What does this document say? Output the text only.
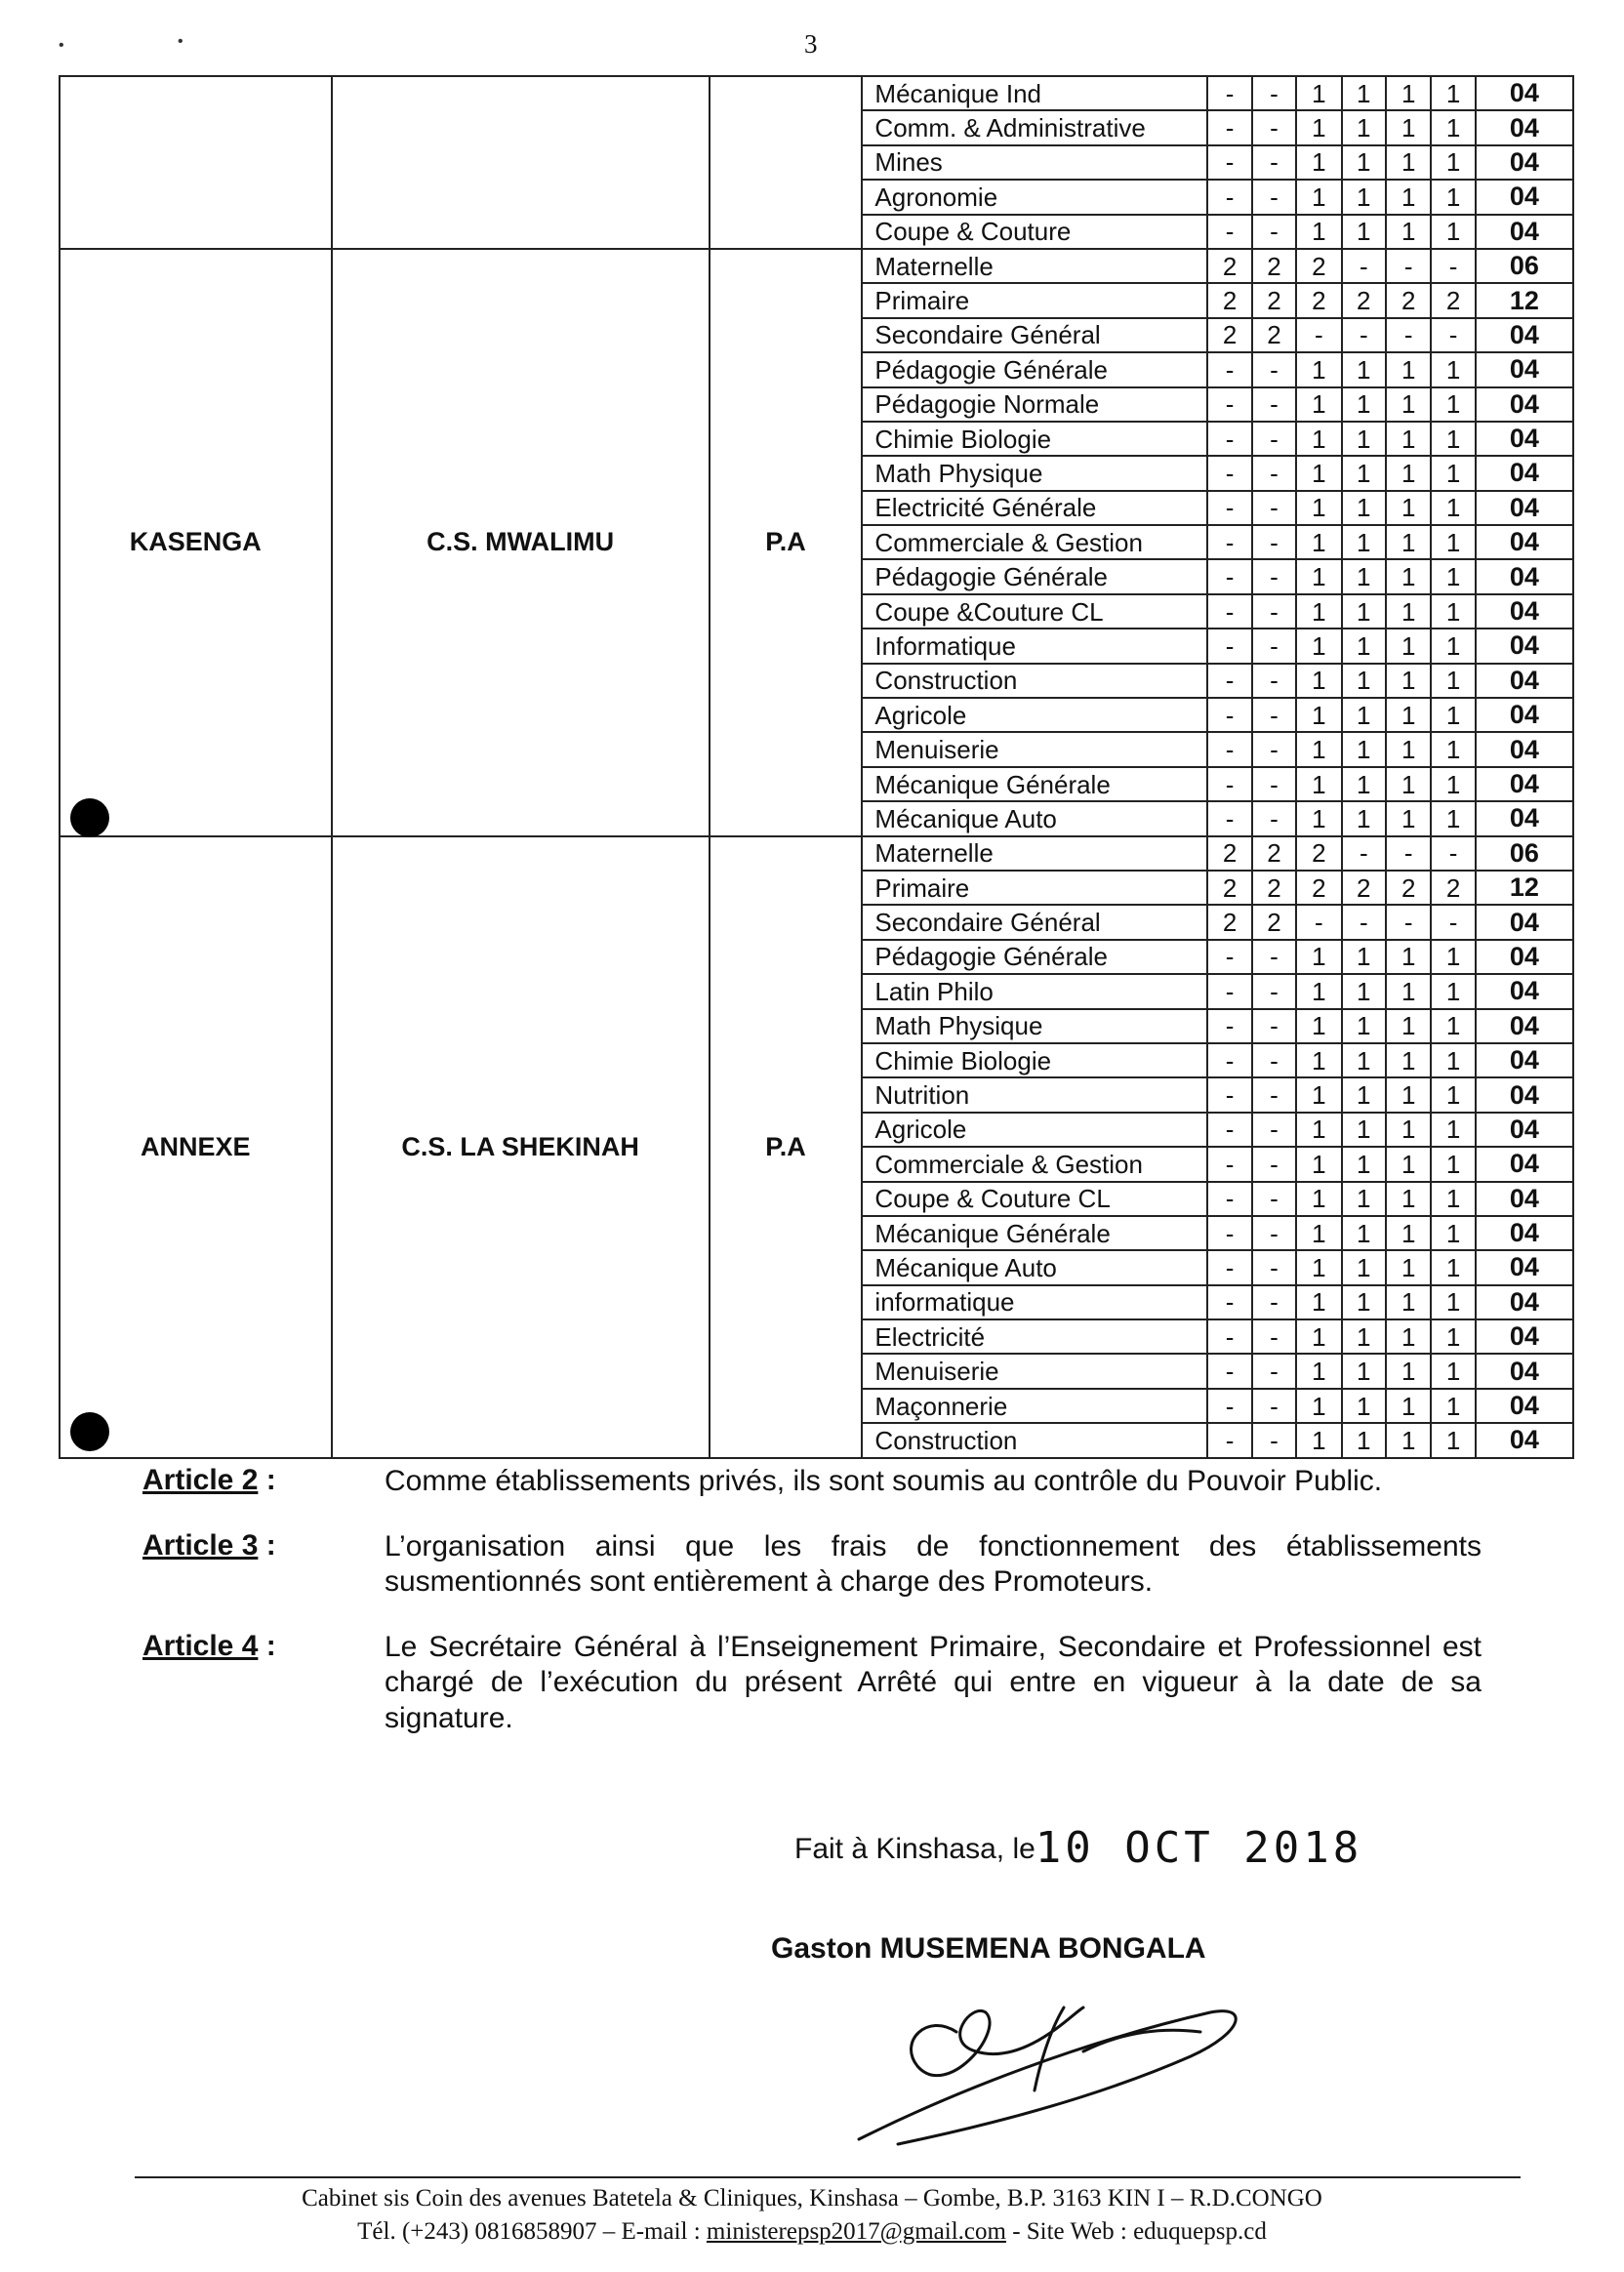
3
•	•
			Mécanique Ind	-	-	1	1	1	1	04
			Comm. & Administrative	-	-	1	1	1	1	04
			Mines	-	-	1	1	1	1	04
			Agronomie	-	-	1	1	1	1	04
			Coupe & Couture	-	-	1	1	1	1	04
KASENGA	C.S. MWALIMU	P.A	Maternelle	2	2	2	-	-	-	06
			Primaire	2	2	2	2	2	2	12
			Secondaire Général	2	2	-	-	-	-	04
			Pédagogie Générale	-	-	1	1	1	1	04
			Pédagogie Normale	-	-	1	1	1	1	04
			Chimie Biologie	-	-	1	1	1	1	04
			Math Physique	-	-	1	1	1	1	04
			Electricité Générale	-	-	1	1	1	1	04
			Commerciale & Gestion	-	-	1	1	1	1	04
			Pédagogie Générale	-	-	1	1	1	1	04
			Coupe &Couture CL	-	-	1	1	1	1	04
			Informatique	-	-	1	1	1	1	04
			Construction	-	-	1	1	1	1	04
			Agricole	-	-	1	1	1	1	04
			Menuiserie	-	-	1	1	1	1	04
			Mécanique Générale	-	-	1	1	1	1	04
			Mécanique Auto	-	-	1	1	1	1	04
ANNEXE	C.S. LA SHEKINAH	P.A	Maternelle	2	2	2	-	-	-	06
			Primaire	2	2	2	2	2	2	12
			Secondaire Général	2	2	-	-	-	-	04
			Pédagogie Générale	-	-	1	1	1	1	04
			Latin Philo	-	-	1	1	1	1	04
			Math Physique	-	-	1	1	1	1	04
			Chimie Biologie	-	-	1	1	1	1	04
			Nutrition	-	-	1	1	1	1	04
			Agricole	-	-	1	1	1	1	04
			Commerciale & Gestion	-	-	1	1	1	1	04
			Coupe & Couture CL	-	-	1	1	1	1	04
			Mécanique Générale	-	-	1	1	1	1	04
			Mécanique Auto	-	-	1	1	1	1	04
			informatique	-	-	1	1	1	1	04
			Electricité	-	-	1	1	1	1	04
			Menuiserie	-	-	1	1	1	1	04
			Maçonnerie	-	-	1	1	1	1	04
			Construction	-	-	1	1	1	1	04
Article 2 :	Comme établissements privés, ils sont soumis au contrôle du Pouvoir Public.
Article 3 :	L’organisation ainsi que les frais de fonctionnement des établissements susmentionnés sont entièrement à charge des Promoteurs.
Article 4 :	Le Secrétaire Général à l’Enseignement Primaire, Secondaire et Professionnel est chargé de l’exécution du présent Arrêté qui entre en vigueur à la date de sa signature.
Fait à Kinshasa, le10 OCT 2018
Gaston MUSEMENA BONGALA
Cabinet sis Coin des avenues Batetela & Cliniques, Kinshasa – Gombe, B.P. 3163 KIN I – R.D.CONGO
Tél. (+243) 0816858907 – E-mail : ministerepsp2017@gmail.com - Site Web : eduquepsp.cd
